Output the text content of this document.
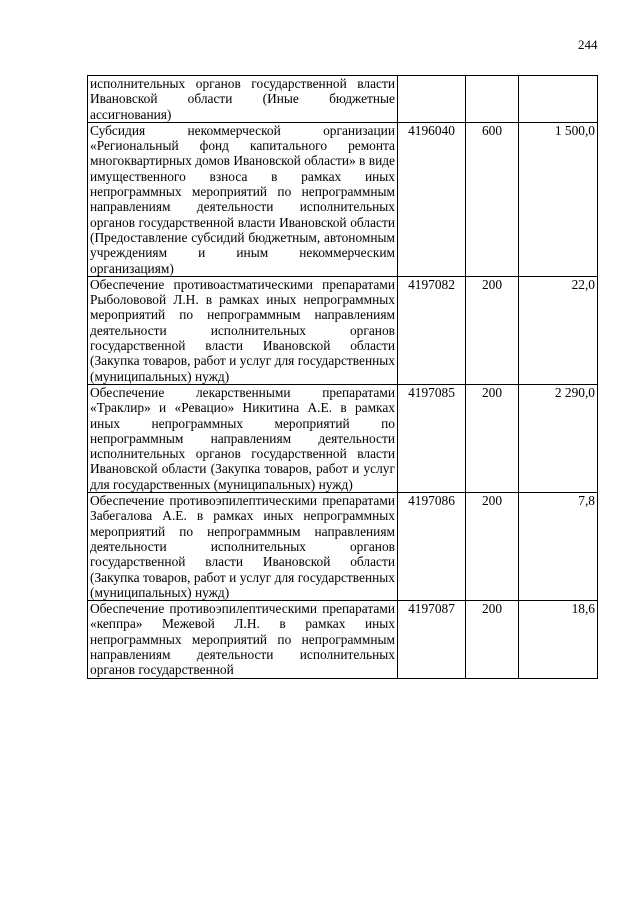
244
исполнительных органов государственной власти Ивановской области (Иные бюджетные ассигнования)			
Субсидия некоммерческой организации «Региональный фонд капитального ремонта многоквартирных домов Ивановской области» в виде имущественного взноса в рамках иных непрограммных мероприятий по непрограммным направлениям деятельности исполнительных органов государственной власти Ивановской области (Предоставление субсидий бюджетным, автономным учреждениям и иным некоммерческим организациям)	4196040	600	1 500,0
Обеспечение противоастматическими препаратами Рыболововой Л.Н. в рамках иных непрограммных мероприятий по непрограммным направлениям деятельности исполнительных органов государственной власти Ивановской области (Закупка товаров, работ и услуг для государственных (муниципальных) нужд)	4197082	200	22,0
Обеспечение лекарственными препаратами «Траклир» и «Ревацио» Никитина А.Е. в рамках иных непрограммных мероприятий по непрограммным направлениям деятельности исполнительных органов государственной власти Ивановской области (Закупка товаров, работ и услуг для государственных (муниципальных) нужд)	4197085	200	2 290,0
Обеспечение противоэпилептическими препаратами Забегалова А.Е. в рамках иных непрограммных мероприятий по непрограммным направлениям деятельности исполнительных органов государственной власти Ивановской области (Закупка товаров, работ и услуг для государственных (муниципальных) нужд)	4197086	200	7,8
Обеспечение противоэпилептическими препаратами «кеппра» Межевой Л.Н. в рамках иных непрограммных мероприятий по непрограммным направлениям деятельности исполнительных органов государственной	4197087	200	18,6
